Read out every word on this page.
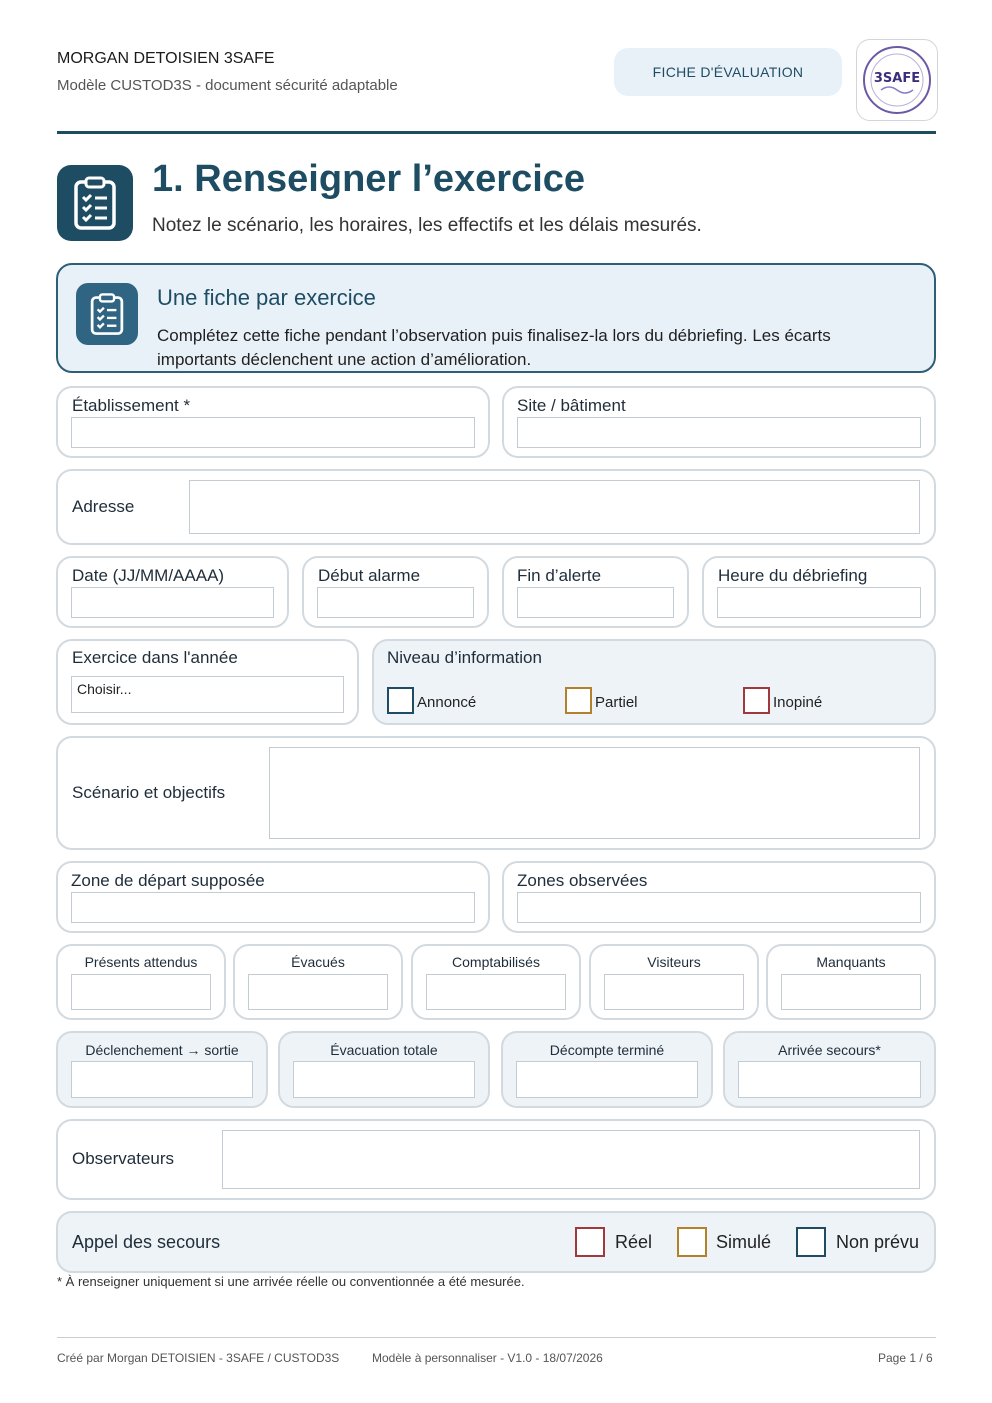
MORGAN DETOISIEN 3SAFE
Modèle CUSTOD3S - document sécurité adaptable
FICHE D'ÉVALUATION	3SAFE
1. Renseigner l’exercice
Notez le scénario, les horaires, les effectifs et les délais mesurés.
Une fiche par exercice
Complétez cette fiche pendant l’observation puis finalisez-la lors du débriefing. Les écarts importants déclenchent une action d’amélioration.
Établissement *	Site / bâtiment
Adresse
Date (JJ/MM/AAAA)	Début alarme	Fin d’alerte	Heure du débriefing
Exercice dans l'année
Choisir...
Niveau d’information
Annoncé	Partiel	Inopiné
Scénario et objectifs
Zone de départ supposée	Zones observées
Présents attendus	Évacués	Comptabilisés	Visiteurs	Manquants
Déclenchement → sortie	Évacuation totale	Décompte terminé	Arrivée secours*
Observateurs
Appel des secours	Réel	Simulé	Non prévu
* À renseigner uniquement si une arrivée réelle ou conventionnée a été mesurée.
Créé par Morgan DETOISIEN - 3SAFE / CUSTOD3S	Modèle à personnaliser - V1.0 - 18/07/2026	Page 1 / 6
